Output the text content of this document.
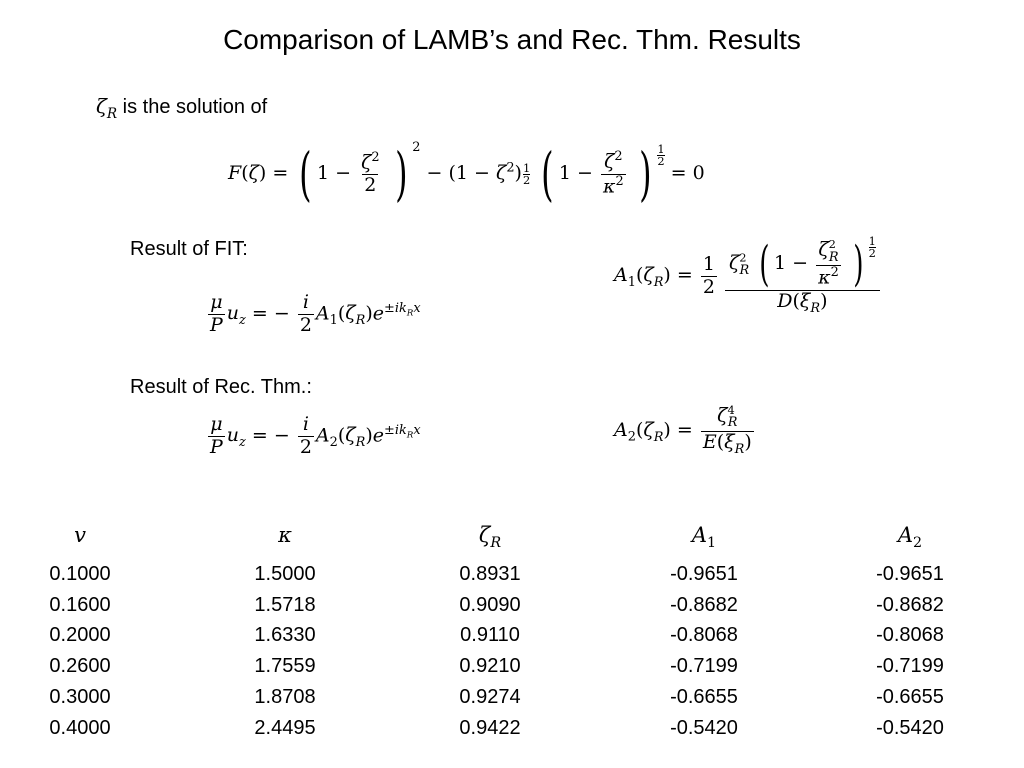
Comparison of LAMB’s and Rec. Thm. Results
$\zeta_R$ is the solution of
F(ζ) = ( $1 - \frac{\zeta^2}{2}$ ) $^2 - (1 - \zeta^2) \frac{1}{2}$ ( $1 - \frac{\zeta^2}{\kappa^2}$ ) $\frac{1}{2}$
= 0
Result of FIT:
$\frac{\mu}{P} u_z$ = − $\frac{i}{2} A_1(\zeta_R)e^{\pm ik_Rx}$
$A_1(\zeta_R) = \frac{1}{2}$
$\frac{\zeta^2_R ( 1 - \frac{\zeta^2_R}{\kappa^2} ) \frac{1}{2}}{D(\xi_R)}$
Result of Rec. Thm.:
$\frac{\mu}{P} u_z$ = − $\frac{i}{2} A_2(\zeta_R)e^{\pm ik_Rx}$	$A_2(\zeta_R) = \frac{\zeta^4_R}{E(\xi_R)}$
v
0.1000
0.1600
0.2000
0.2600
0.3000
0.4000
κ
1.5000
1.5718
1.6330
1.7559
1.8708
2.4495
$\zeta_R$
0.8931
0.9090
0.9110
0.9210
0.9274
0.9422
$A_1$
-0.9651
-0.8682
-0.8068
-0.7199
-0.6655
-0.5420
$A_2$
-0.9651
-0.8682
-0.8068
-0.7199
-0.6655
-0.5420
